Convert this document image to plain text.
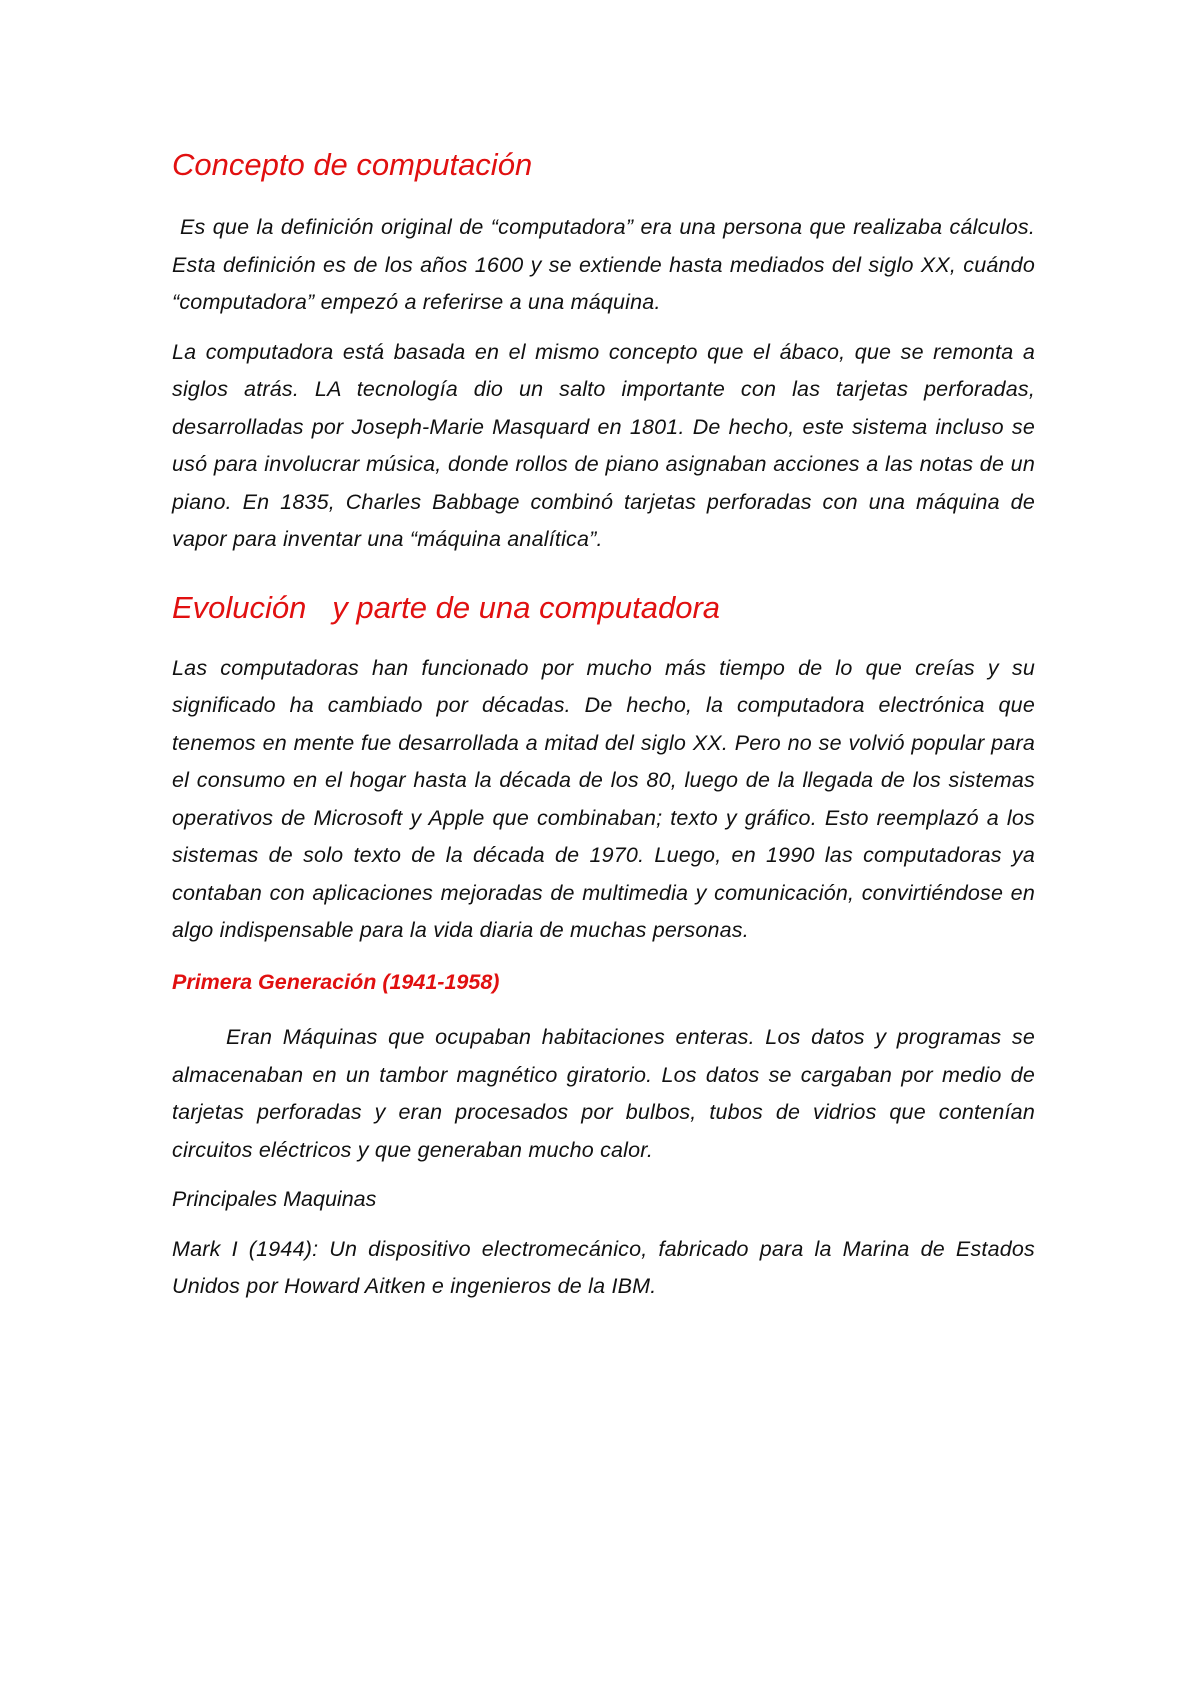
Concepto de computación

Es que la definición original de “computadora” era una persona que realizaba cálculos. Esta definición es de los años 1600 y se extiende hasta mediados del siglo XX, cuándo “computadora” empezó a referirse a una máquina.

La computadora está basada en el mismo concepto que el ábaco, que se remonta a siglos atrás. LA tecnología dio un salto importante con las tarjetas perforadas, desarrolladas por Joseph-Marie Masquard en 1801. De hecho, este sistema incluso se usó para involucrar música, donde rollos de piano asignaban acciones a las notas de un piano. En 1835, Charles Babbage combinó tarjetas perforadas con una máquina de vapor para inventar una “máquina analítica”.

Evolución   y parte de una computadora

Las computadoras han funcionado por mucho más tiempo de lo que creías y su significado ha cambiado por décadas. De hecho, la computadora electrónica que tenemos en mente fue desarrollada a mitad del siglo XX. Pero no se volvió popular para el consumo en el hogar hasta la década de los 80, luego de la llegada de los sistemas operativos de Microsoft y Apple que combinaban; texto y gráfico. Esto reemplazó a los sistemas de solo texto de la década de 1970. Luego, en 1990 las computadoras ya contaban con aplicaciones mejoradas de multimedia y comunicación, convirtiéndose en algo indispensable para la vida diaria de muchas personas.

Primera Generación (1941-1958)

Eran Máquinas que ocupaban habitaciones enteras. Los datos y programas se almacenaban en un tambor magnético giratorio. Los datos se cargaban por medio de tarjetas perforadas y eran procesados por bulbos, tubos de vidrios que contenían circuitos eléctricos y que generaban mucho calor.

Principales Maquinas

Mark I (1944): Un dispositivo electromecánico, fabricado para la Marina de Estados Unidos por Howard Aitken e ingenieros de la IBM.
